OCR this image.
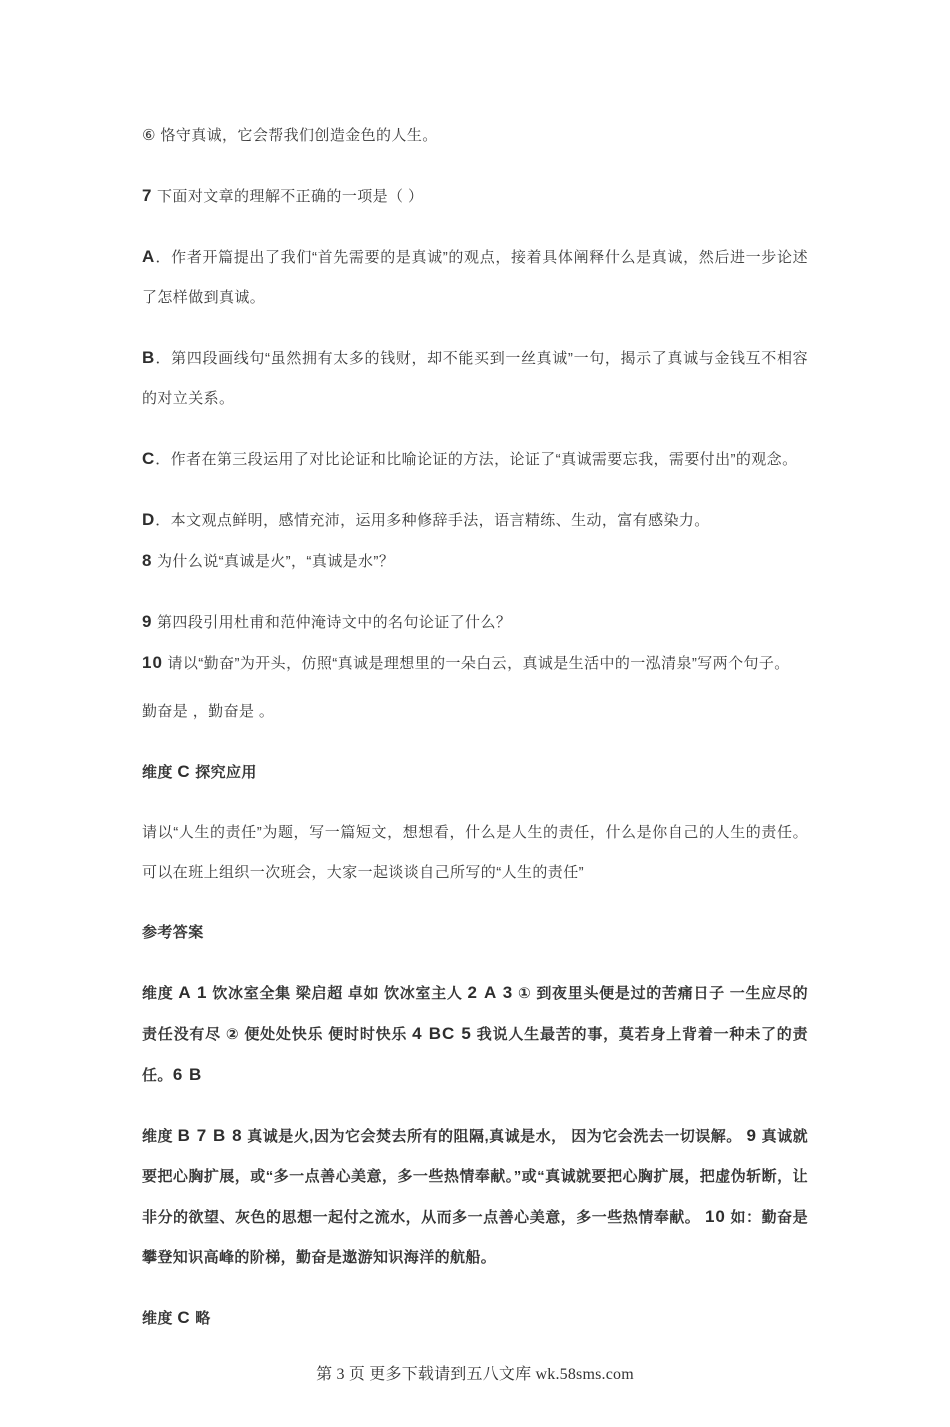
⑥ 恪守真诚，它会帮我们创造金色的人生。

7 下面对文章的理解不正确的一项是（ ）

A．作者开篇提出了我们“首先需要的是真诚”的观点，接着具体阐释什么是真诚，然后进一步论述了怎样做到真诚。

B．第四段画线句“虽然拥有太多的钱财，却不能买到一丝真诚”一句，揭示了真诚与金钱互不相容的对立关系。

C．作者在第三段运用了对比论证和比喻论证的方法，论证了“真诚需要忘我，需要付出”的观念。

D．本文观点鲜明，感情充沛，运用多种修辞手法，语言精练、生动，富有感染力。

8 为什么说“真诚是火”，“真诚是水”？

9 第四段引用杜甫和范仲淹诗文中的名句论证了什么？

10 请以“勤奋”为开头，仿照“真诚是理想里的一朵白云，真诚是生活中的一泓清泉”写两个句子。

勤奋是 ，勤奋是 。

维度 C 探究应用

请以“人生的责任”为题，写一篇短文，想想看，什么是人生的责任，什么是你自己的人生的责任。可以在班上组织一次班会，大家一起谈谈自己所写的“人生的责任”

参考答案

维度 A 1 饮冰室全集 梁启超 卓如 饮冰室主人 2 A 3 ① 到夜里头便是过的苦痛日子 一生应尽的责任没有尽 ② 便处处快乐 便时时快乐 4 BC 5 我说人生最苦的事，莫若身上背着一种未了的责任。6 B

维度 B 7 B 8 真诚是火,因为它会焚去所有的阻隔,真诚是水， 因为它会洗去一切误解。 9 真诚就要把心胸扩展，或“多一点善心美意，多一些热情奉献。”或“真诚就要把心胸扩展，把虚伪斩断，让非分的欲望、灰色的思想一起付之流水，从而多一点善心美意，多一些热情奉献。 10 如：勤奋是攀登知识高峰的阶梯，勤奋是遨游知识海洋的航船。

维度 C 略

第 3 页 更多下载请到五八文库 wk.58sms.com
